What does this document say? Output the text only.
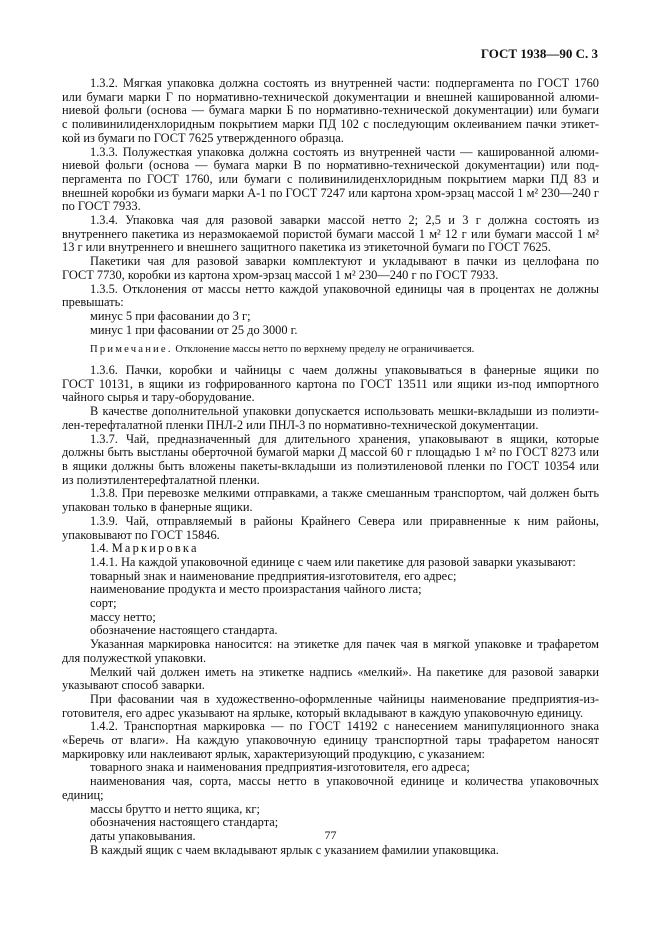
ГОСТ 1938—90 С. 3
1.3.2. Мягкая упаковка должна состоять из внутренней части: подпергамента по ГОСТ 1760
или бумаги марки Г по нормативно-технической документации и внешней кашированной алюми-
ниевой фольги (основа — бумага марки Б по нормативно-технической документации) или бумаги
с поливинилиденхлоридным покрытием марки ПД 102 с последующим оклеиванием пачки этикет-
кой из бумаги по ГОСТ 7625 утвержденного образца.
1.3.3. Полужесткая упаковка должна состоять из внутренней части — кашированной алюми-
ниевой фольги (основа — бумага марки В по нормативно-технической документации) или под-
пергамента по ГОСТ 1760, или бумаги с поливинилиденхлоридным покрытием марки ПД 83 и
внешней коробки из бумаги марки А-1 по ГОСТ 7247 или картона хром-эрзац массой 1 м² 230—240 г
по ГОСТ 7933.
1.3.4. Упаковка чая для разовой заварки массой нетто 2; 2,5 и 3 г должна состоять из
внутреннего пакетика из неразмокаемой пористой бумаги массой 1 м² 12 г или бумаги массой 1 м²
13 г или внутреннего и внешнего защитного пакетика из этикеточной бумаги по ГОСТ 7625.
Пакетики чая для разовой заварки комплектуют и укладывают в пачки из целлофана по
ГОСТ 7730, коробки из картона хром-эрзац массой 1 м² 230—240 г по ГОСТ 7933.
1.3.5. Отклонения от массы нетто каждой упаковочной единицы чая в процентах не должны
превышать:
минус 5 при фасовании до 3 г;
минус 1 при фасовании от 25 до 3000 г.
Примечание. Отклонение массы нетто по верхнему пределу не ограничивается.
1.3.6. Пачки, коробки и чайницы с чаем должны упаковываться в фанерные ящики по
ГОСТ 10131, в ящики из гофрированного картона по ГОСТ 13511 или ящики из-под импортного
чайного сырья и тару-оборудование.
В качестве дополнительной упаковки допускается использовать мешки-вкладыши из полиэти-
лен-терефталатной пленки ПНЛ-2 или ПНЛ-3 по нормативно-технической документации.
1.3.7. Чай, предназначенный для длительного хранения, упаковывают в ящики, которые
должны быть выстланы оберточной бумагой марки Д массой 60 г площадью 1 м² по ГОСТ 8273 или
в ящики должны быть вложены пакеты-вкладыши из полиэтиленовой пленки по ГОСТ 10354 или
из полиэтилентерефталатной пленки.
1.3.8. При перевозке мелкими отправками, а также смешанным транспортом, чай должен быть
упакован только в фанерные ящики.
1.3.9. Чай, отправляемый в районы Крайнего Севера или приравненные к ним районы,
упаковывают по ГОСТ 15846.
1.4. Маркировка
1.4.1. На каждой упаковочной единице с чаем или пакетике для разовой заварки указывают:
товарный знак и наименование предприятия-изготовителя, его адрес;
наименование продукта и место произрастания чайного листа;
сорт;
массу нетто;
обозначение настоящего стандарта.
Указанная маркировка наносится: на этикетке для пачек чая в мягкой упаковке и трафаретом
для полужесткой упаковки.
Мелкий чай должен иметь на этикетке надпись «мелкий». На пакетике для разовой заварки
указывают способ заварки.
При фасовании чая в художественно-оформленные чайницы наименование предприятия-из-
готовителя, его адрес указывают на ярлыке, который вкладывают в каждую упаковочную единицу.
1.4.2. Транспортная маркировка — по ГОСТ 14192 с нанесением манипуляционного знака
«Беречь от влаги». На каждую упаковочную единицу транспортной тары трафаретом наносят
маркировку или наклеивают ярлык, характеризующий продукцию, с указанием:
товарного знака и наименования предприятия-изготовителя, его адреса;
наименования чая, сорта, массы нетто в упаковочной единице и количества упаковочных
единиц;
массы брутто и нетто ящика, кг;
обозначения настоящего стандарта;
даты упаковывания.
В каждый ящик с чаем вкладывают ярлык с указанием фамилии упаковщика.
77
